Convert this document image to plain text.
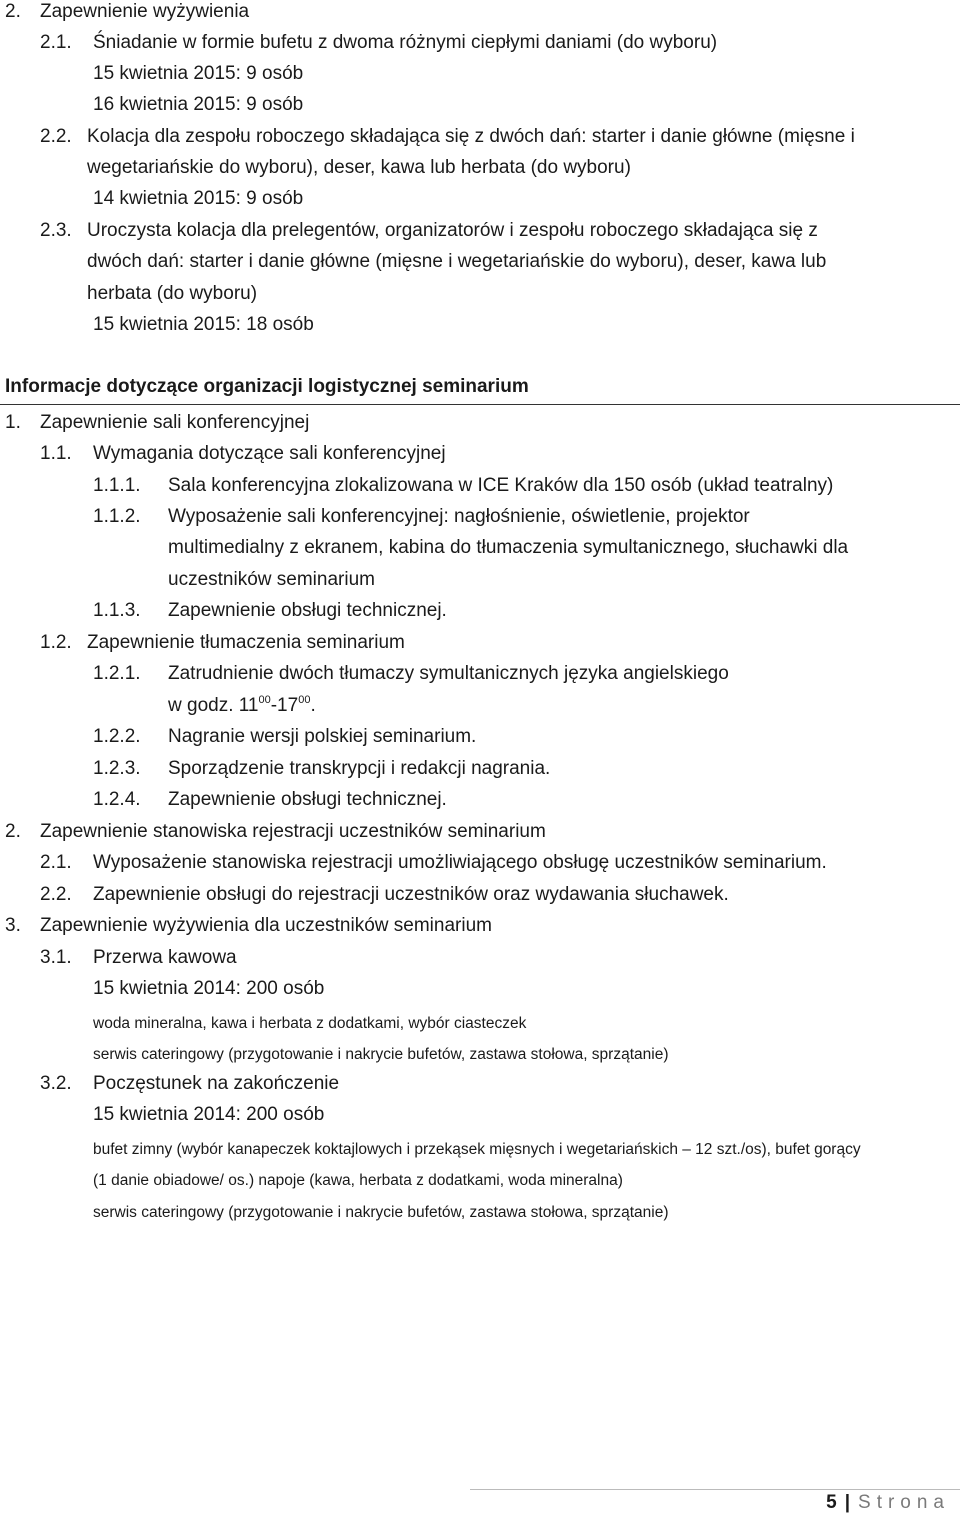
2. Zapewnienie wyżywienia
2.1. Śniadanie w formie bufetu z dwoma różnymi ciepłymi daniami (do wyboru)
15 kwietnia 2015: 9 osób
16 kwietnia 2015: 9 osób
2.2. Kolacja dla zespołu roboczego składająca się z dwóch dań: starter i danie główne (mięsne i
wegetariańskie do wyboru), deser, kawa lub herbata (do wyboru)
14 kwietnia 2015: 9 osób
2.3. Uroczysta kolacja dla prelegentów, organizatorów i zespołu roboczego składająca się z
dwóch dań: starter i danie główne (mięsne i wegetariańskie do wyboru), deser, kawa lub
herbata (do wyboru)
15 kwietnia 2015: 18 osób
Informacje dotyczące organizacji logistycznej seminarium
1. Zapewnienie sali konferencyjnej
1.1. Wymagania dotyczące sali konferencyjnej
1.1.1. Sala konferencyjna zlokalizowana w ICE Kraków dla 150 osób (układ teatralny)
1.1.2. Wyposażenie sali konferencyjnej: nagłośnienie, oświetlenie, projektor
multimedialny z ekranem, kabina do tłumaczenia symultanicznego, słuchawki dla
uczestników seminarium
1.1.3. Zapewnienie obsługi technicznej.
1.2. Zapewnienie tłumaczenia seminarium
1.2.1. Zatrudnienie dwóch tłumaczy symultanicznych języka angielskiego
w godz. $11^{00}-17^{00}$.
1.2.2. Nagranie wersji polskiej seminarium.
1.2.3. Sporządzenie transkrypcji i redakcji nagrania.
1.2.4. Zapewnienie obsługi technicznej.
2. Zapewnienie stanowiska rejestracji uczestników seminarium
2.1. Wyposażenie stanowiska rejestracji umożliwiającego obsługę uczestników seminarium.
2.2. Zapewnienie obsługi do rejestracji uczestników oraz wydawania słuchawek.
3. Zapewnienie wyżywienia dla uczestników seminarium
3.1. Przerwa kawowa
15 kwietnia 2014: 200 osób
woda mineralna, kawa i herbata z dodatkami, wybór ciasteczek
serwis cateringowy (przygotowanie i nakrycie bufetów, zastawa stołowa, sprzątanie)
3.2. Poczęstunek na zakończenie
15 kwietnia 2014: 200 osób
bufet zimny (wybór kanapeczek koktajlowych i przekąsek mięsnych i wegetariańskich – 12 szt./os), bufet gorący
(1 danie obiadowe/ os.) napoje (kawa, herbata z dodatkami, woda mineralna)
serwis cateringowy (przygotowanie i nakrycie bufetów, zastawa stołowa, sprzątanie)
5 | Strona
